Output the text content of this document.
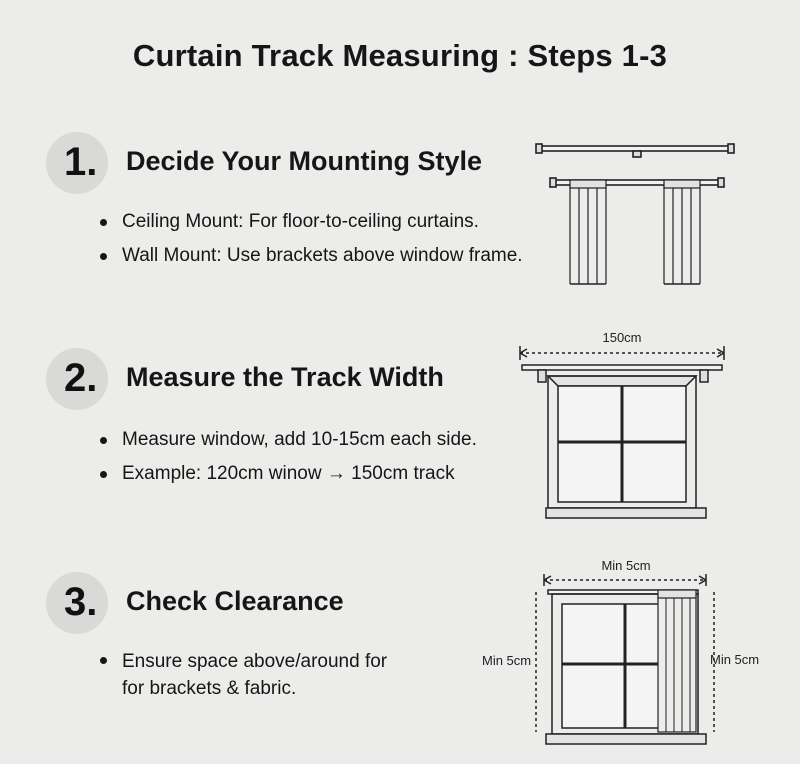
Curtain Track Measuring : Steps 1-3
1. Decide Your Mounting Style
Ceiling Mount: For floor-to-ceiling curtains.
Wall Mount: Use brackets above window frame.
2. Measure the Track Width
Measure window, add 10-15cm each side.
Example: 120cm winow → 150cm track
3. Check Clearance
Ensure space above/around for
for brackets & fabric.
150cm
Min 5cm
Min 5cm	Min 5cm
